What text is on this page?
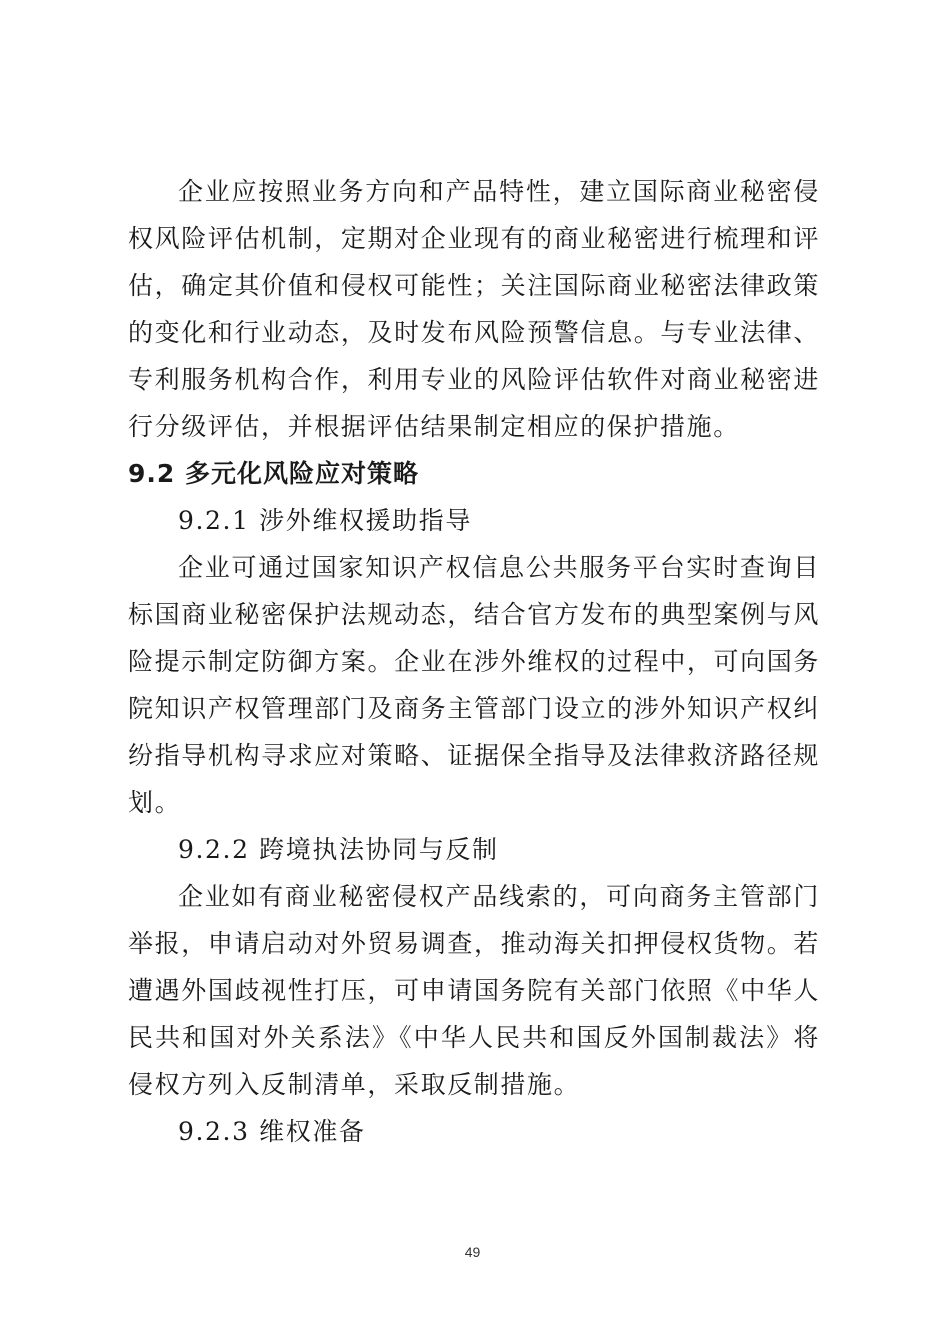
企业应按照业务方向和产品特性，建立国际商业秘密侵权风险评估机制，定期对企业现有的商业秘密进行梳理和评估，确定其价值和侵权可能性；关注国际商业秘密法律政策的变化和行业动态，及时发布风险预警信息。与专业法律、专利服务机构合作，利用专业的风险评估软件对商业秘密进行分级评估，并根据评估结果制定相应的保护措施。

9.2 多元化风险应对策略

9.2.1 涉外维权援助指导

企业可通过国家知识产权信息公共服务平台实时查询目标国商业秘密保护法规动态，结合官方发布的典型案例与风险提示制定防御方案。企业在涉外维权的过程中，可向国务院知识产权管理部门及商务主管部门设立的涉外知识产权纠纷指导机构寻求应对策略、证据保全指导及法律救济路径规划。

9.2.2 跨境执法协同与反制

企业如有商业秘密侵权产品线索的，可向商务主管部门举报，申请启动对外贸易调查，推动海关扣押侵权货物。若遭遇外国歧视性打压，可申请国务院有关部门依照《中华人民共和国对外关系法》《中华人民共和国反外国制裁法》将侵权方列入反制清单，采取反制措施。

9.2.3 维权准备

49
